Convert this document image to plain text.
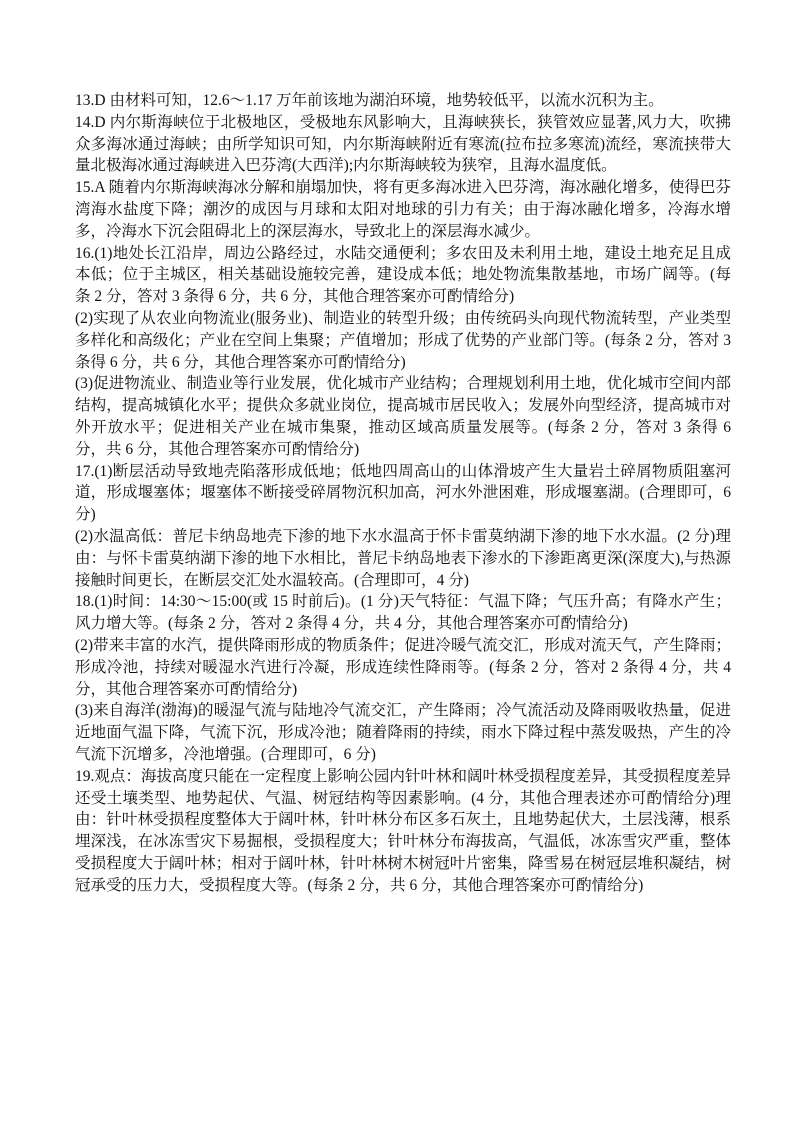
13.D 由材料可知，12.6～1.17 万年前该地为湖泊环境，地势较低平，以流水沉积为主。

14.D 内尔斯海峡位于北极地区，受极地东风影响大，且海峡狭长，狭管效应显著,风力大，吹拂众多海冰通过海峡；由所学知识可知，内尔斯海峡附近有寒流(拉布拉多寒流)流经，寒流挟带大量北极海冰通过海峡进入巴芬湾(大西洋);内尔斯海峡较为狭窄，且海水温度低。

15.A 随着内尔斯海峡海冰分解和崩塌加快，将有更多海冰进入巴芬湾，海冰融化增多，使得巴芬湾海水盐度下降；潮汐的成因与月球和太阳对地球的引力有关；由于海冰融化增多，冷海水增多，冷海水下沉会阻碍北上的深层海水，导致北上的深层海水减少。

16.(1)地处长江沿岸，周边公路经过，水陆交通便利；多农田及未利用土地，建设土地充足且成本低；位于主城区，相关基础设施较完善，建设成本低；地处物流集散基地，市场广阔等。(每条 2 分，答对 3 条得 6 分，共 6 分，其他合理答案亦可酌情给分)

(2)实现了从农业向物流业(服务业)、制造业的转型升级；由传统码头向现代物流转型，产业类型多样化和高级化；产业在空间上集聚；产值增加；形成了优势的产业部门等。(每条 2 分，答对 3 条得 6 分，共 6 分，其他合理答案亦可酌情给分)

(3)促进物流业、制造业等行业发展，优化城市产业结构；合理规划利用土地，优化城市空间内部结构，提高城镇化水平；提供众多就业岗位，提高城市居民收入；发展外向型经济，提高城市对外开放水平；促进相关产业在城市集聚，推动区域高质量发展等。(每条 2 分，答对 3 条得 6 分，共 6 分，其他合理答案亦可酌情给分)

17.(1)断层活动导致地壳陷落形成低地；低地四周高山的山体滑坡产生大量岩土碎屑物质阻塞河道，形成堰塞体；堰塞体不断接受碎屑物沉积加高，河水外泄困难，形成堰塞湖。(合理即可，6 分)

(2)水温高低：普尼卡纳岛地壳下渗的地下水水温高于怀卡雷莫纳湖下渗的地下水水温。(2 分)理由：与怀卡雷莫纳湖下渗的地下水相比，普尼卡纳岛地表下渗水的下渗距离更深(深度大),与热源接触时间更长，在断层交汇处水温较高。(合理即可，4 分)

18.(1)时间：14:30～15:00(或 15 时前后)。(1 分)天气特征：气温下降；气压升高；有降水产生；风力增大等。(每条 2 分，答对 2 条得 4 分，共 4 分，其他合理答案亦可酌情给分)

(2)带来丰富的水汽，提供降雨形成的物质条件；促进冷暖气流交汇，形成对流天气，产生降雨；形成冷池，持续对暖湿水汽进行冷凝，形成连续性降雨等。(每条 2 分，答对 2 条得 4 分，共 4 分，其他合理答案亦可酌情给分)

(3)来自海洋(渤海)的暖湿气流与陆地冷气流交汇，产生降雨；冷气流活动及降雨吸收热量，促进近地面气温下降，气流下沉，形成冷池；随着降雨的持续，雨水下降过程中蒸发吸热，产生的冷气流下沉增多，冷池增强。(合理即可，6 分)

19.观点：海拔高度只能在一定程度上影响公园内针叶林和阔叶林受损程度差异，其受损程度差异还受土壤类型、地势起伏、气温、树冠结构等因素影响。(4 分，其他合理表述亦可酌情给分)理由：针叶林受损程度整体大于阔叶林，针叶林分布区多石灰土，且地势起伏大，土层浅薄，根系埋深浅，在冰冻雪灾下易掘根，受损程度大；针叶林分布海拔高，气温低，冰冻雪灾严重，整体受损程度大于阔叶林；相对于阔叶林，针叶林树木树冠叶片密集，降雪易在树冠层堆积凝结，树冠承受的压力大，受损程度大等。(每条 2 分，共 6 分，其他合理答案亦可酌情给分)
